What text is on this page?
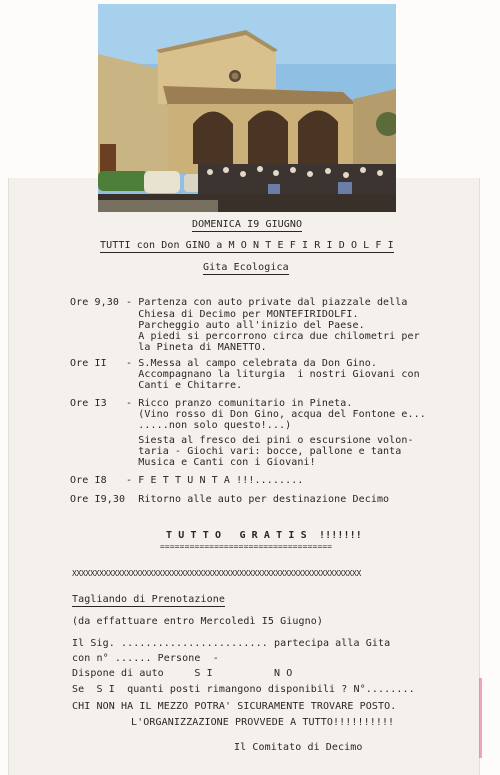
DOMENICA I9 GIUGNO
TUTTI con Don GINO a M O N T E F I R I D O L F I
Gita Ecologica
Ore 9,30 - Partenza con auto private dal piazzale della
Chiesa di Decimo per MONTEFIRIDOLFI.
Parcheggio auto all'inizio del Paese.
A piedi si percorrono circa due chilometri per
la Pineta di MANETTO.
Ore II - S.Messa al campo celebrata da Don Gino.
Accompagnano la liturgia  i nostri Giovani con
Canti e Chitarre.
Ore I3 - Ricco pranzo comunitario in Pineta.
(Vino rosso di Don Gino, acqua del Fontone e...
.....non solo questo!...)
Siesta al fresco dei pini o escursione volon-
taria - Giochi vari: bocce, pallone e tanta
Musica e Canti con i Giovani!
Ore I8 - F E T T U N T A !!!........
Ore I9,30 Ritorno alle auto per destinazione Decimo
T U T T O   G R A T I S  !!!!!!!
===================================
XXXXXXXXXXXXXXXXXXXXXXXXXXXXXXXXXXXXXXXXXXXXXXXXXXXXXXXXXXXXXXXX
Tagliando di Prenotazione
(da effattuare entro Mercoledì I5 Giugno)
Il Sig. ........................ partecipa alla Gita
con n° ...... Persone  -
Dispone di auto     S I          N O
Se  S I  quanti posti rimangono disponibili ? N°........
CHI NON HA IL MEZZO POTRA' SICURAMENTE TROVARE POSTO.
L'ORGANIZZAZIONE PROVVEDE A TUTTO!!!!!!!!!!
Il Comitato di Decimo
